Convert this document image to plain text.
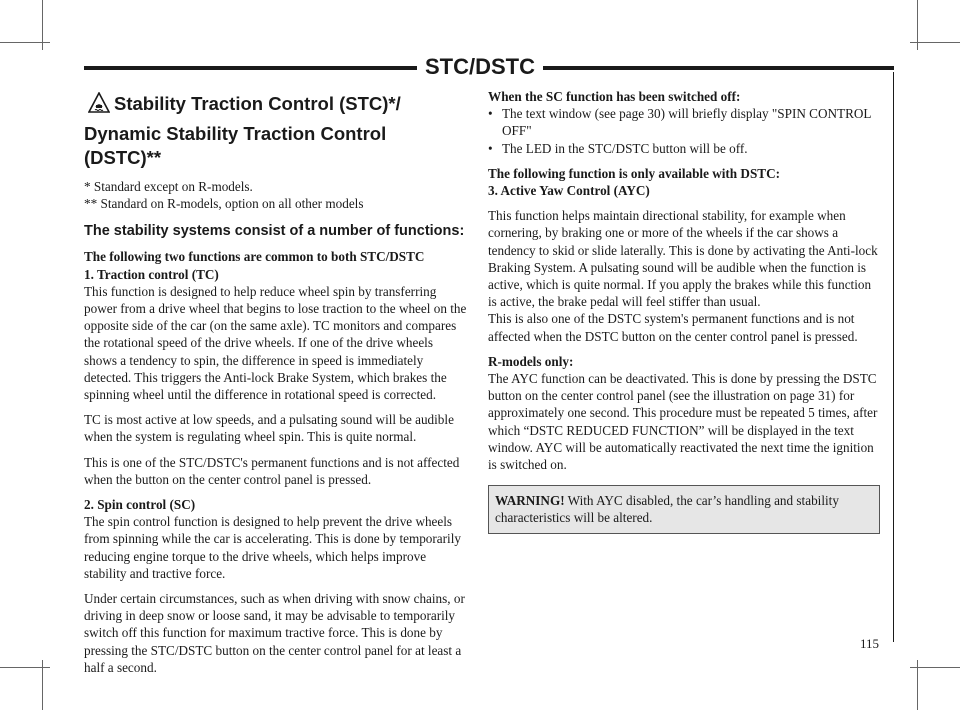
STC/DSTC
Stability Traction Control (STC)*/
Dynamic Stability Traction Control (DSTC)**
* Standard except on R-models.
** Standard on R-models, option on all other models
The stability systems consist of a number of functions:
The following two functions are common to both STC/DSTC
1. Traction control (TC)

This function is designed to help reduce wheel spin by transferring power from a drive wheel that begins to lose traction to the wheel on the opposite side of the car (on the same axle). TC monitors and compares the rotational speed of the drive wheels. If one of the drive wheels shows a tendency to spin, the difference in speed is immediately detected. This triggers the Anti-lock Brake System, which brakes the spinning wheel until the difference in rotational speed is corrected.

TC is most active at low speeds, and a pulsating sound will be audible when the system is regulating wheel spin. This is quite normal.

This is one of the STC/DSTC's permanent functions and is not affected when the button on the center control panel is pressed.

2. Spin control (SC)

The spin control function is designed to help prevent the drive wheels from spinning while the car is accelerating. This is done by temporarily reducing engine torque to the drive wheels, which helps improve stability and tractive force.

Under certain circumstances, such as when driving with snow chains, or driving in deep snow or loose sand, it may be advisable to temporarily switch off this function for maximum tractive force. This is done by pressing the STC/DSTC button on the center control panel for at least a half a second.

When the SC function has been switched off:
• The text window (see page 30) will briefly display "SPIN CONTROL OFF"
• The LED in the STC/DSTC button will be off.
The following function is only available with DSTC:
3. Active Yaw Control (AYC)

This function helps maintain directional stability, for example when cornering, by braking one or more of the wheels if the car shows a tendency to skid or slide laterally. This is done by activating the Anti-lock Braking System. A pulsating sound will be audible when the function is active, which is quite normal. If you apply the brakes while this function is active, the brake pedal will feel stiffer than usual.

This is also one of the DSTC system's permanent functions and is not affected when the DSTC button on the center control panel is pressed.

R-models only:

The AYC function can be deactivated. This is done by pressing the DSTC button on the center control panel (see the illustration on page 31) for approximately one second. This procedure must be repeated 5 times, after which “DSTC REDUCED FUNCTION” will be displayed in the text window. AYC will be automatically reactivated the next time the ignition is switched on.

WARNING! With AYC disabled, the car’s handling and stability characteristics will be altered.
115
